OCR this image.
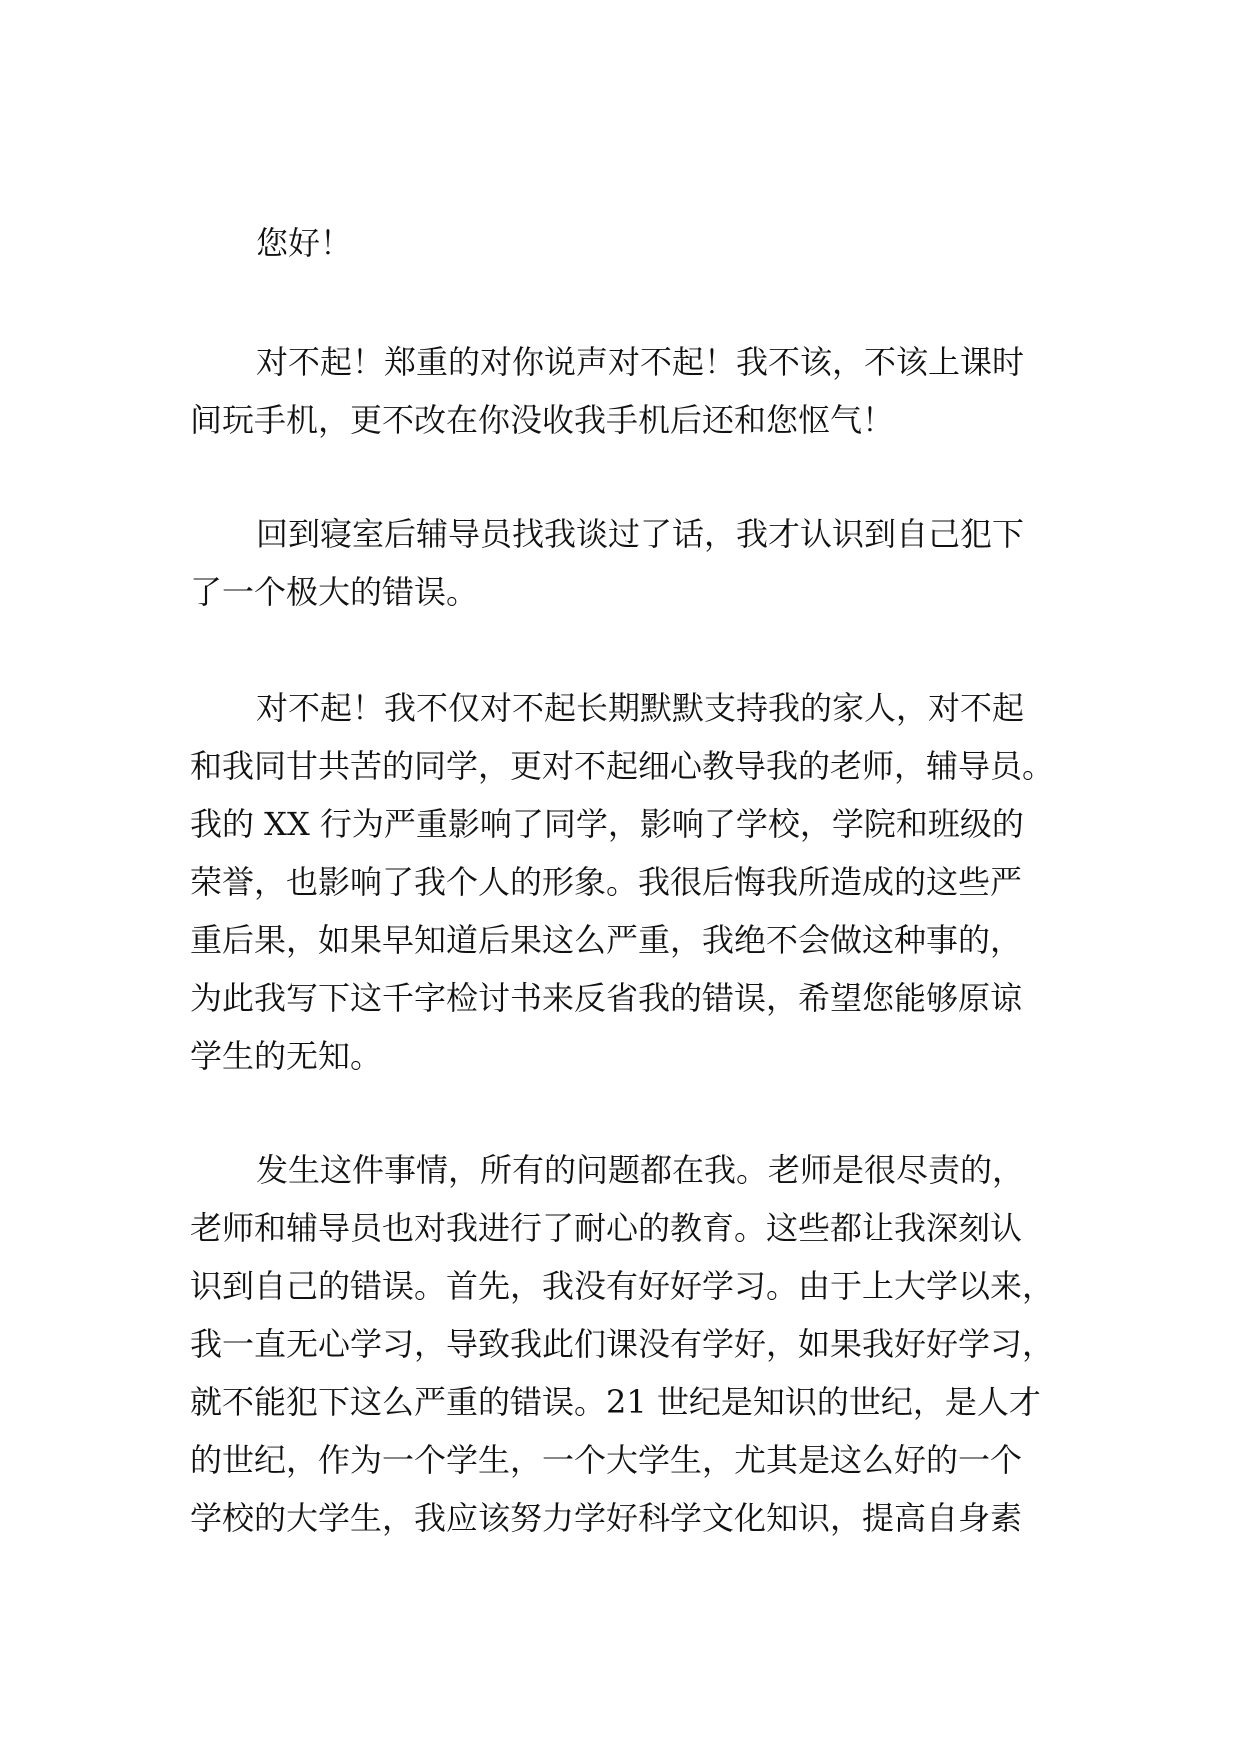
您好！
对不起！郑重的对你说声对不起！我不该，不该上课时
间玩手机，更不改在你没收我手机后还和您怄气！
回到寝室后辅导员找我谈过了话，我才认识到自己犯下
了一个极大的错误。
对不起！我不仅对不起长期默默支持我的家人，对不起
和我同甘共苦的同学，更对不起细心教导我的老师，辅导员。
我的 XX 行为严重影响了同学，影响了学校，学院和班级的
荣誉，也影响了我个人的形象。我很后悔我所造成的这些严
重后果，如果早知道后果这么严重，我绝不会做这种事的，
为此我写下这千字检讨书来反省我的错误，希望您能够原谅
学生的无知。
发生这件事情，所有的问题都在我。老师是很尽责的，
老师和辅导员也对我进行了耐心的教育。这些都让我深刻认
识到自己的错误。首先，我没有好好学习。由于上大学以来，
我一直无心学习，导致我此们课没有学好，如果我好好学习，
就不能犯下这么严重的错误。21 世纪是知识的世纪，是人才
的世纪，作为一个学生，一个大学生，尤其是这么好的一个
学校的大学生，我应该努力学好科学文化知识，提高自身素
